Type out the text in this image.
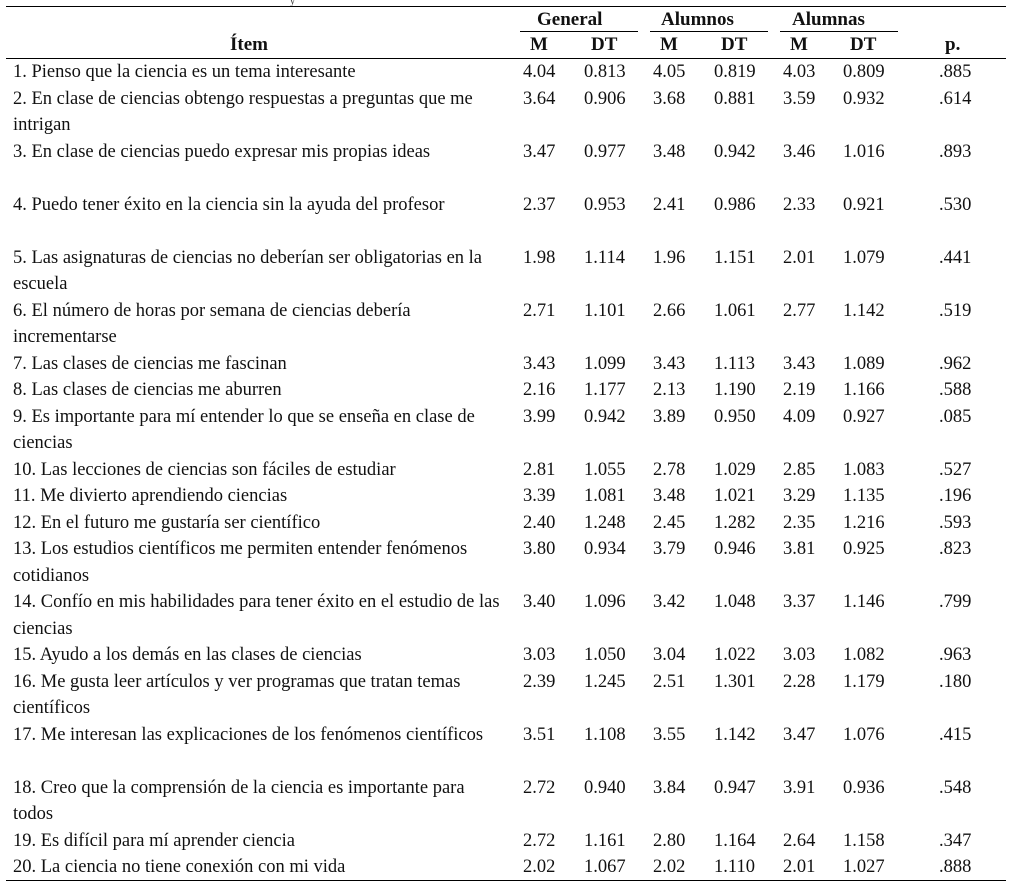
y
General	Alumnos	Alumnas
Ítem	M DT M DT M DT	p.
1. Pienso que la ciencia es un tema interesante	4.04 0.813 4.05 0.819 4.03 0.809	.885
2. En clase de ciencias obtengo respuestas a preguntas que me intrigan
3.64 0.906 3.68 0.881 3.59 0.932	.614
3. En clase de ciencias puedo expresar mis propias ideas	3.47 0.977 3.48 0.942 3.46 1.016	.893
4. Puedo tener éxito en la ciencia sin la ayuda del profesor	2.37 0.953 2.41 0.986 2.33 0.921	.530
5. Las asignaturas de ciencias no deberían ser obligatorias en la escuela
1.98 1.114 1.96 1.151 2.01 1.079	.441
6. El número de horas por semana de ciencias debería incrementarse
2.71 1.101 2.66 1.061 2.77 1.142	.519
7. Las clases de ciencias me fascinan	3.43 1.099 3.43 1.113 3.43 1.089	.962
8. Las clases de ciencias me aburren	2.16 1.177 2.13 1.190 2.19 1.166	.588
9. Es importante para mí entender lo que se enseña en clase de ciencias
3.99 0.942 3.89 0.950 4.09 0.927	.085
10. Las lecciones de ciencias son fáciles de estudiar	2.81 1.055 2.78 1.029 2.85 1.083	.527
11. Me divierto aprendiendo ciencias	3.39 1.081 3.48 1.021 3.29 1.135	.196
12. En el futuro me gustaría ser científico	2.40 1.248 2.45 1.282 2.35 1.216	.593
13. Los estudios científicos me permiten entender fenómenos cotidianos
3.80 0.934 3.79 0.946 3.81 0.925	.823
14. Confío en mis habilidades para tener éxito en el estudio de las ciencias
3.40 1.096 3.42 1.048 3.37 1.146	.799
15. Ayudo a los demás en las clases de ciencias	3.03 1.050 3.04 1.022 3.03 1.082	.963
16. Me gusta leer artículos y ver programas que tratan temas científicos
2.39 1.245 2.51 1.301 2.28 1.179	.180
17. Me interesan las explicaciones de los fenómenos científicos	3.51 1.108 3.55 1.142 3.47 1.076	.415
18. Creo que la comprensión de la ciencia es importante para todos
2.72 0.940 3.84 0.947 3.91 0.936	.548
19. Es difícil para mí aprender ciencia	2.72 1.161 2.80 1.164 2.64 1.158	.347
20. La ciencia no tiene conexión con mi vida	2.02 1.067 2.02 1.110 2.01 1.027	.888
